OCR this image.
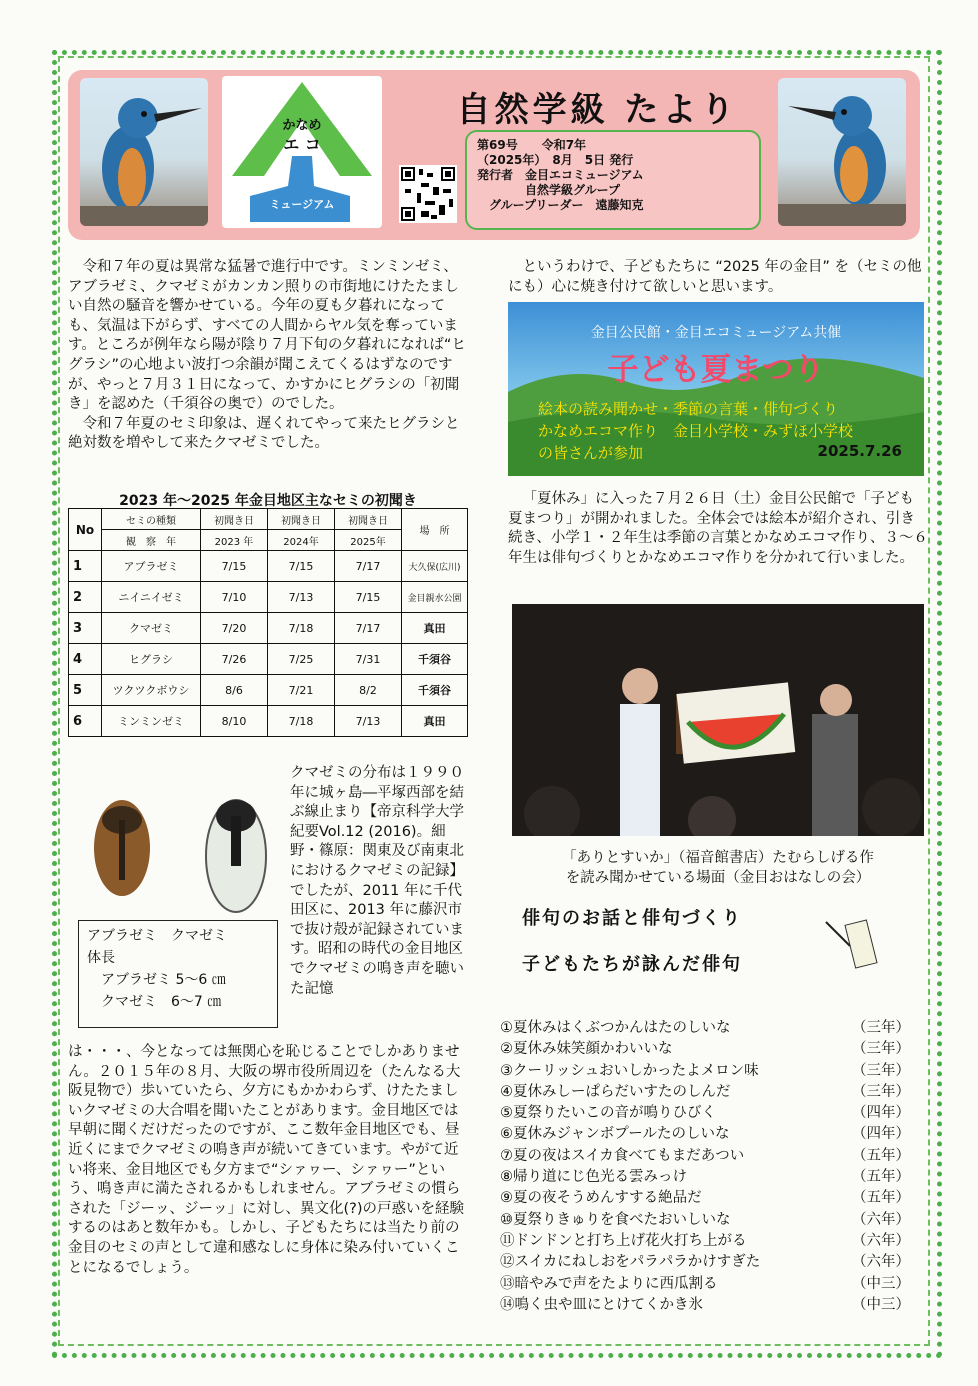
かなめ
エ コ
ミュージアム
自然学級 たより
第69号　　令和7年
（2025年）　8月　5日 発行
発行者　金目エコミュージアム
　　　　自然学級グループ
　グループリーダー　遠藤知克

令和７年の夏は異常な猛暑で進行中です。ミンミンゼミ、アブラゼミ、クマゼミがカンカン照りの市街地にけたたましい自然の騒音を響かせている。今年の夏も夕暮れになっても、気温は下がらず、すべての人間からヤル気を奪っています。ところが例年なら陽が陰り７月下旬の夕暮れになれば“ヒグラシ”の心地よい波打つ余韻が聞こえてくるはずなのですが、やっと７月３１日になって、かすかにヒグラシの「初聞き」を認めた（千須谷の奥で）のでした。

令和７年夏のセミ印象は、遅くれてやって来たヒグラシと絶対数を増やして来たクマゼミでした。

2023 年～2025 年金目地区主なセミの初聞き
No	セミの種類	初聞き日	初聞き日	初聞き日	場　所
	観　察　年	2023 年	2024年	2025年	
1	アブラゼミ	7/15	7/15	7/17	大久保(広川)
2	ニイニイゼミ	7/10	7/13	7/15	金目親水公園
3	クマゼミ	7/20	7/18	7/17	真田
4	ヒグラシ	7/26	7/25	7/31	千須谷
5	ツクツクボウシ	8/6	7/21	8/2	千須谷
6	ミンミンゼミ	8/10	7/18	7/13	真田
アブラゼミ　クマゼミ
体長
　アブラゼミ 5～6 ㎝
　クマゼミ　6～7 ㎝
クマゼミの分布は１９９０年に城ヶ島―平塚西部を結ぶ線止まり【帝京科学大学紀要Vol.12 (2016)。細野・篠原：関東及び南東北におけるクマゼミの記録】でしたが、2011 年に千代田区に、2013 年に藤沢市で抜け殻が記録されています。昭和の時代の金目地区でクマゼミの鳴き声を聴いた記憶
は・・・、今となっては無関心を恥じることでしかありません。２０１５年の８月、大阪の堺市役所周辺を（たんなる大阪見物で）歩いていたら、夕方にもかかわらず、けたたましいクマゼミの大合唱を聞いたことがあります。金目地区では早朝に聞くだけだったのですが、ここ数年金目地区でも、昼近くにまでクマゼミの鳴き声が続いてきています。やがて近い将来、金目地区でも夕方まで“シァヮー、シァヮー”という、鳴き声に満たされるかもしれません。アブラゼミの慣らされた「ジーッ、ジーッ」に対し、異文化(?)の戸惑いを経験するのはあと数年かも。しかし、子どもたちには当たり前の金目のセミの声として違和感なしに身体に染み付いていくことになるでしょう。

というわけで、子どもたちに “2025 年の金目” を（セミの他にも）心に焼き付けて欲しいと思います。

金目公民館・金目エコミュージアム共催
子ども夏まつり
絵本の読み聞かせ・季節の言葉・俳句づくり
かなめエコマ作り　金目小学校・みずほ小学校
の皆さんが参加	2025.7.26

「夏休み」に入った７月２６日（土）金目公民館で「子ども夏まつり」が開かれました。全体会では絵本が紹介され、引き続き、小学１・２年生は季節の言葉とかなめエコマ作り、３～６年生は俳句づくりとかなめエコマ作りを分かれて行いました。

「ありとすいか」（福音館書店）たむらしげる作
を読み聞かせている場面（金目おはなしの会）
俳句のお話と俳句づくり
子どもたちが詠んだ俳句
①夏休みはくぶつかんはたのしいな	（三年）
②夏休み妹笑顔かわいいな	（三年）
③クーリッシュおいしかったよメロン味	（三年）
④夏休みしーぱらだいすたのしんだ	（三年）
⑤夏祭りたいこの音が鳴りひびく	（四年）
⑥夏休みジャンボプールたのしいな	（四年）
⑦夏の夜はスイカ食べてもまだあつい	（五年）
⑧帰り道にじ色光る雲みっけ	（五年）
⑨夏の夜そうめんすする絶品だ	（五年）
⑩夏祭りきゅりを食べたおいしいな	（六年）
⑪ドンドンと打ち上げ花火打ち上がる	（六年）
⑫スイカにねしおをパラパラかけすぎた	（六年）
⑬暗やみで声をたよりに西瓜割る	（中三）
⑭鳴く虫や皿にとけてくかき氷	（中三）
